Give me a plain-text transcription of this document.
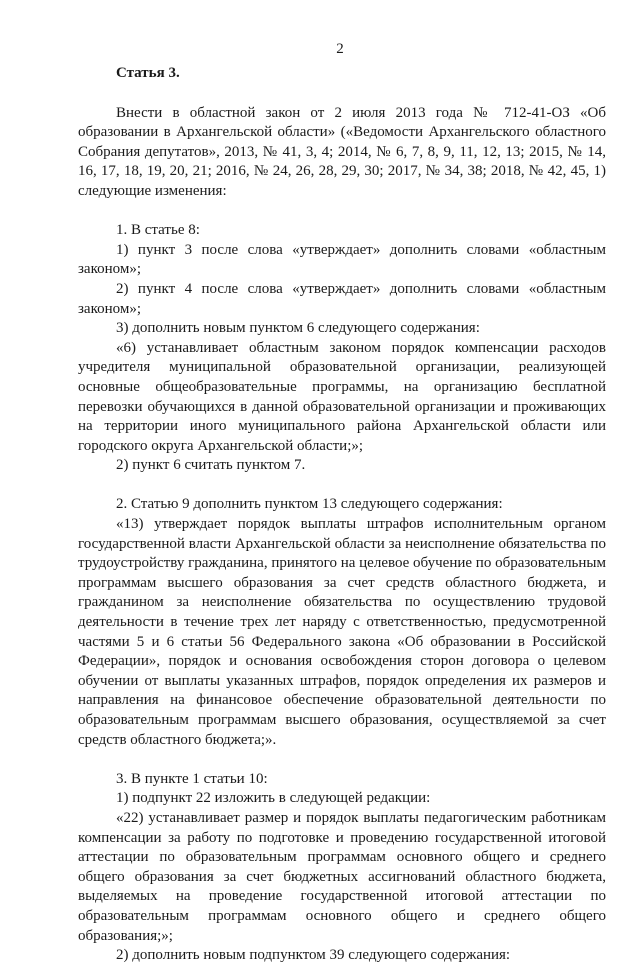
2
Статья 3.
Внести в областной закон от 2 июля 2013 года № 712-41-ОЗ «Об образовании в Архангельской области» («Ведомости Архангельского областного Собрания депутатов», 2013, № 41, 3, 4; 2014, № 6, 7, 8, 9, 11, 12, 13; 2015, № 14, 16, 17, 18, 19, 20, 21; 2016, № 24, 26, 28, 29, 30; 2017, № 34, 38; 2018, № 42, 45, 1) следующие изменения:
1. В статье 8:
1) пункт 3 после слова «утверждает» дополнить словами «областным законом»;
2) пункт 4 после слова «утверждает» дополнить словами «областным законом»;
3) дополнить новым пунктом 6 следующего содержания:
«6) устанавливает областным законом порядок компенсации расходов учредителя муниципальной образовательной организации, реализующей основные общеобразовательные программы, на организацию бесплатной перевозки обучающихся в данной образовательной организации и проживающих на территории иного муниципального района Архангельской области или городского округа Архангельской области;»;
2) пункт 6 считать пунктом 7.
2. Статью 9 дополнить пунктом 13 следующего содержания:
«13) утверждает порядок выплаты штрафов исполнительным органом государственной власти Архангельской области за неисполнение обязательства по трудоустройству гражданина, принятого на целевое обучение по образовательным программам высшего образования за счет средств областного бюджета, и гражданином за неисполнение обязательства по осуществлению трудовой деятельности в течение трех лет наряду с ответственностью, предусмотренной частями 5 и 6 статьи 56 Федерального закона «Об образовании в Российской Федерации», порядок и основания освобождения сторон договора о целевом обучении от выплаты указанных штрафов, порядок определения их размеров и направления на финансовое обеспечение образовательной деятельности по образовательным программам высшего образования, осуществляемой за счет средств областного бюджета;».
3. В пункте 1 статьи 10:
1) подпункт 22 изложить в следующей редакции:
«22) устанавливает размер и порядок выплаты педагогическим работникам компенсации за работу по подготовке и проведению государственной итоговой аттестации по образовательным программам основного общего и среднего общего образования за счет бюджетных ассигнований областного бюджета, выделяемых на проведение государственной итоговой аттестации по образовательным программам основного общего и среднего общего образования;»;
2) дополнить новым подпунктом 39 следующего содержания:
